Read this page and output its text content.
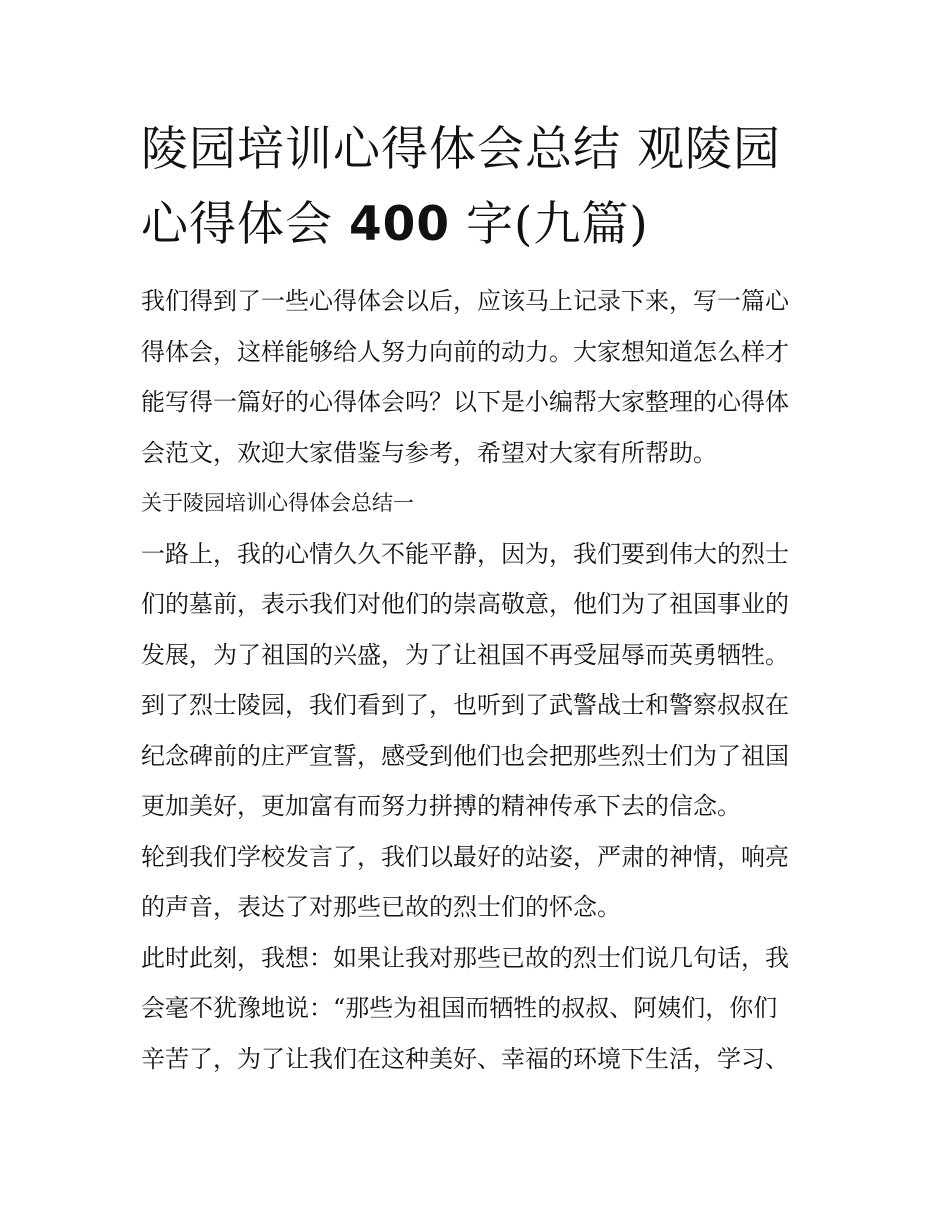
陵园培训心得体会总结 观陵园
心得体会 400 字(九篇)

我们得到了一些心得体会以后，应该马上记录下来，写一篇心
得体会，这样能够给人努力向前的动力。大家想知道怎么样才
能写得一篇好的心得体会吗？以下是小编帮大家整理的心得体
会范文，欢迎大家借鉴与参考，希望对大家有所帮助。

关于陵园培训心得体会总结一

一路上，我的心情久久不能平静，因为，我们要到伟大的烈士
们的墓前，表示我们对他们的崇高敬意，他们为了祖国事业的
发展，为了祖国的兴盛，为了让祖国不再受屈辱而英勇牺牲。
到了烈士陵园，我们看到了，也听到了武警战士和警察叔叔在
纪念碑前的庄严宣誓，感受到他们也会把那些烈士们为了祖国
更加美好，更加富有而努力拼搏的精神传承下去的信念。

轮到我们学校发言了，我们以最好的站姿，严肃的神情，响亮
的声音，表达了对那些已故的烈士们的怀念。

此时此刻，我想：如果让我对那些已故的烈士们说几句话，我
会毫不犹豫地说：“那些为祖国而牺牲的叔叔、阿姨们，你们
辛苦了，为了让我们在这种美好、幸福的环境下生活，学习、
